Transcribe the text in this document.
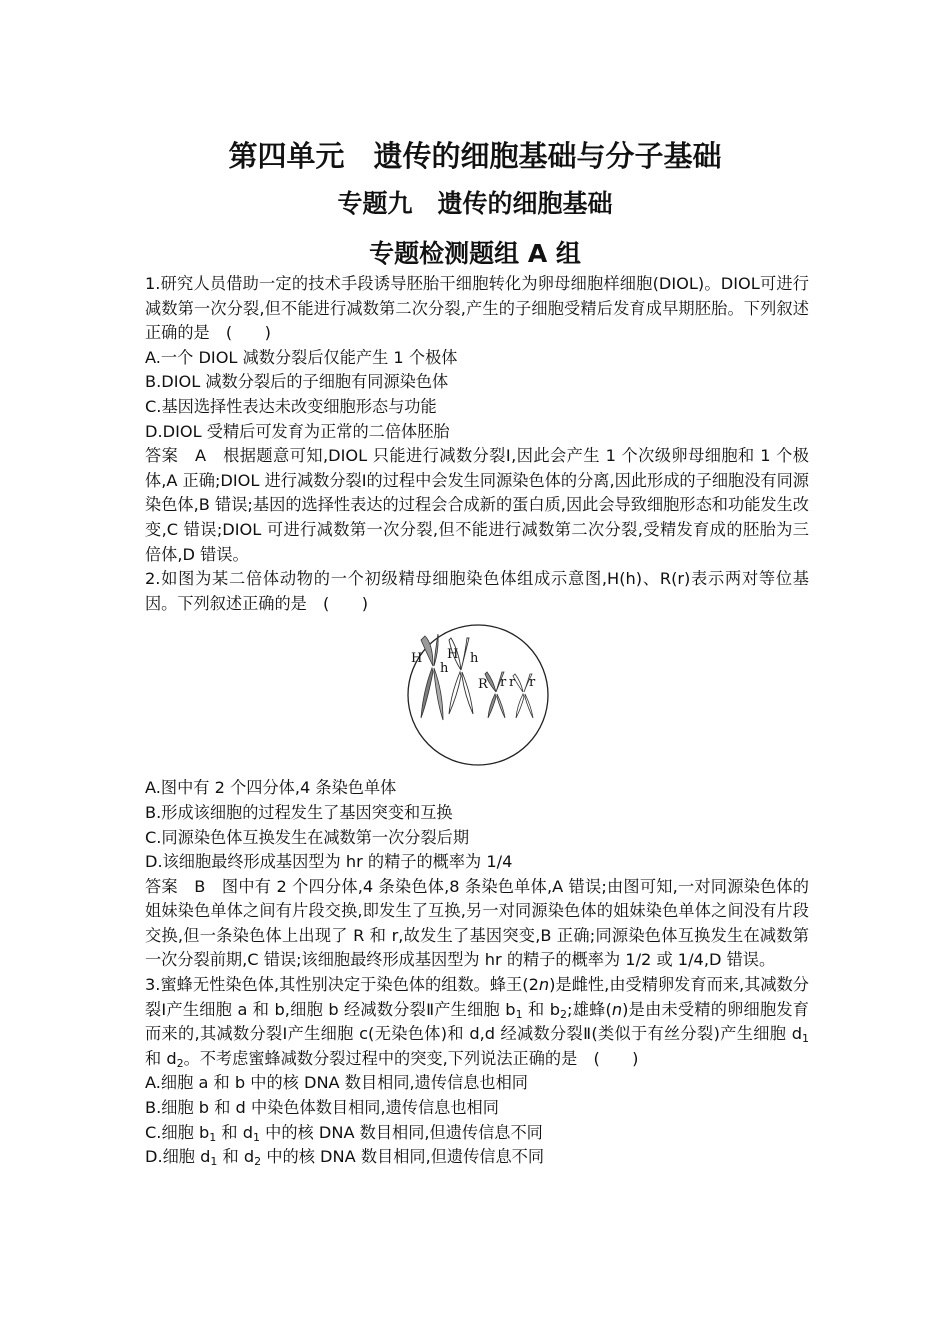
第四单元　遗传的细胞基础与分子基础
专题九　遗传的细胞基础
专题检测题组 A 组

1.研究人员借助一定的技术手段诱导胚胎干细胞转化为卵母细胞样细胞(DIOL)。DIOL可进行减数第一次分裂,但不能进行减数第二次分裂,产生的子细胞受精后发育成早期胚胎。下列叙述正确的是　(　　)

A.一个 DIOL 减数分裂后仅能产生 1 个极体

B.DIOL 减数分裂后的子细胞有同源染色体

C.基因选择性表达未改变细胞形态与功能

D.DIOL 受精后可发育为正常的二倍体胚胎

答案　A　根据题意可知,DIOL 只能进行减数分裂Ⅰ,因此会产生 1 个次级卵母细胞和 1 个极体,A 正确;DIOL 进行减数分裂Ⅰ的过程中会发生同源染色体的分离,因此形成的子细胞没有同源染色体,B 错误;基因的选择性表达的过程会合成新的蛋白质,因此会导致细胞形态和功能发生改变,C 错误;DIOL 可进行减数第一次分裂,但不能进行减数第二次分裂,受精发育成的胚胎为三倍体,D 错误。

2.如图为某二倍体动物的一个初级精母细胞染色体组成示意图,H(h)、R(r)表示两对等位基因。下列叙述正确的是　(　　)

H
h
H h
R r r r

A.图中有 2 个四分体,4 条染色单体

B.形成该细胞的过程发生了基因突变和互换

C.同源染色体互换发生在减数第一次分裂后期

D.该细胞最终形成基因型为 hr 的精子的概率为 1/4

答案　B　图中有 2 个四分体,4 条染色体,8 条染色单体,A 错误;由图可知,一对同源染色体的姐妹染色单体之间有片段交换,即发生了互换,另一对同源染色体的姐妹染色单体之间没有片段交换,但一条染色体上出现了 R 和 r,故发生了基因突变,B 正确;同源染色体互换发生在减数第一次分裂前期,C 错误;该细胞最终形成基因型为 hr 的精子的概率为 1/2 或 1/4,D 错误。

3.蜜蜂无性染色体,其性别决定于染色体的组数。蜂王(2n)是雌性,由受精卵发育而来,其减数分裂Ⅰ产生细胞 a 和 b,细胞 b 经减数分裂Ⅱ产生细胞 $b_1$ 和 $b_2$;雄蜂(n)是由未受精的卵细胞发育而来的,其减数分裂Ⅰ产生细胞 c(无染色体)和 d,d 经减数分裂Ⅱ(类似于有丝分裂)产生细胞 $d_1$ 和 $d_2$。不考虑蜜蜂减数分裂过程中的突变,下列说法正确的是　(　　)

A.细胞 a 和 b 中的核 DNA 数目相同,遗传信息也相同

B.细胞 b 和 d 中染色体数目相同,遗传信息也相同

C.细胞 $b_1$ 和 $d_1$ 中的核 DNA 数目相同,但遗传信息不同

D.细胞 $d_1$ 和 $d_2$ 中的核 DNA 数目相同,但遗传信息不同
